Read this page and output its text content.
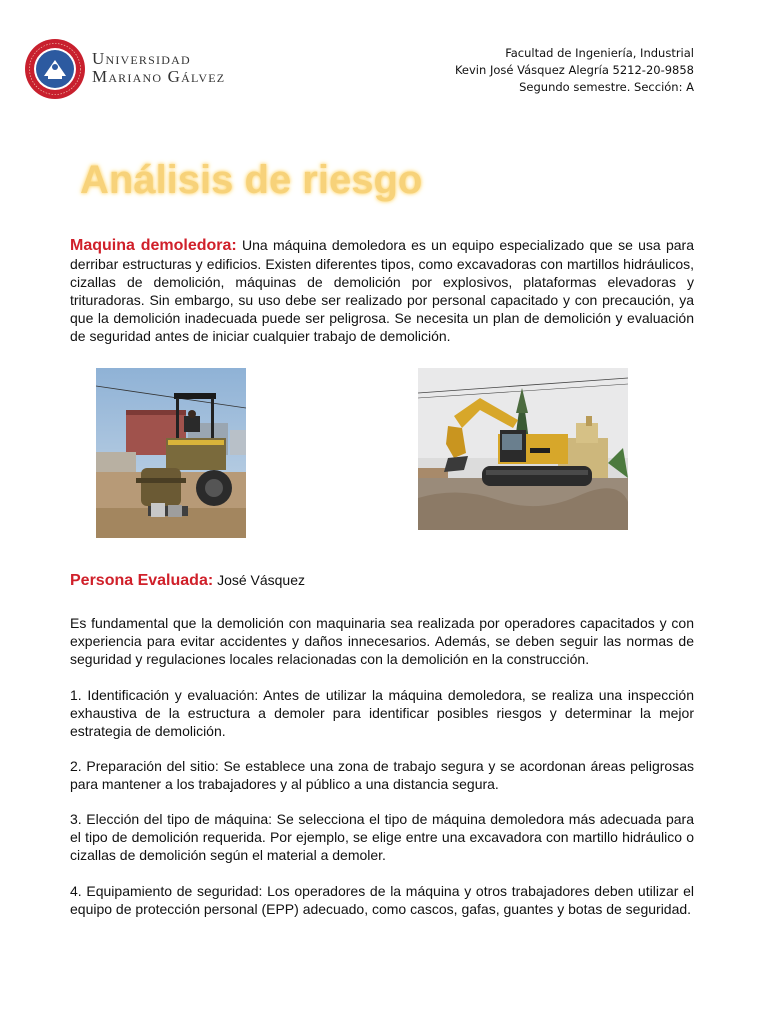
Universidad
Mariano Gálvez
Facultad de Ingeniería, Industrial
Kevin José Vásquez Alegría 5212-20-9858
Segundo semestre. Sección: A
Análisis de riesgo
Maquina demoledora: Una máquina demoledora es un equipo especializado que se usa para derribar estructuras y edificios. Existen diferentes tipos, como excavadoras con martillos hidráulicos, cizallas de demolición, máquinas de demolición por explosivos, plataformas elevadoras y trituradoras. Sin embargo, su uso debe ser realizado por personal capacitado y con precaución, ya que la demolición inadecuada puede ser peligrosa. Se necesita un plan de demolición y evaluación de seguridad antes de iniciar cualquier trabajo de demolición.
Persona Evaluada: José Vásquez
Es fundamental que la demolición con maquinaria sea realizada por operadores capacitados y con experiencia para evitar accidentes y daños innecesarios. Además, se deben seguir las normas de seguridad y regulaciones locales relacionadas con la demolición en la construcción.
1. Identificación y evaluación: Antes de utilizar la máquina demoledora, se realiza una inspección exhaustiva de la estructura a demoler para identificar posibles riesgos y determinar la mejor estrategia de demolición.
2. Preparación del sitio: Se establece una zona de trabajo segura y se acordonan áreas peligrosas para mantener a los trabajadores y al público a una distancia segura.
3. Elección del tipo de máquina: Se selecciona el tipo de máquina demoledora más adecuada para el tipo de demolición requerida. Por ejemplo, se elige entre una excavadora con martillo hidráulico o cizallas de demolición según el material a demoler.
4. Equipamiento de seguridad: Los operadores de la máquina y otros trabajadores deben utilizar el equipo de protección personal (EPP) adecuado, como cascos, gafas, guantes y botas de seguridad.
